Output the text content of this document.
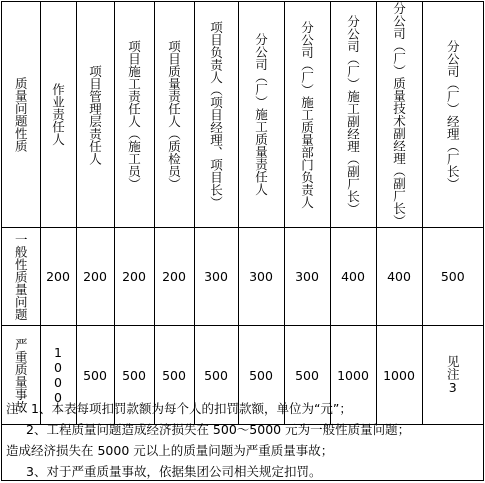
质量问题性质	作业责任人	项目管理层责任人	项目施工责任人（施工员）	项目质量责任人（质检员）	项目负责人（项目经理、项目长）	分公司（厂）施工质量责任人	分公司（厂）施工质量部门负责人	分公司（厂）施工副经理（副厂长）	分公司（厂）质量技术副经理（副厂长）	分公司（厂）经理（厂长）

一般性质量问题	200	200	200	200	300	300	300	400	400	500

严重质量事故	1000	500	500	500	500	500	500	1000	1000	见注3
注：1、本表每项扣罚款额为每个人的扣罚款额，单位为“元”；
2、工程质量问题造成经济损失在 500～5000 元为一般性质量问题；
造成经济损失在 5000 元以上的质量问题为严重质量事故；
3、对于严重质量事故，依据集团公司相关规定扣罚。
